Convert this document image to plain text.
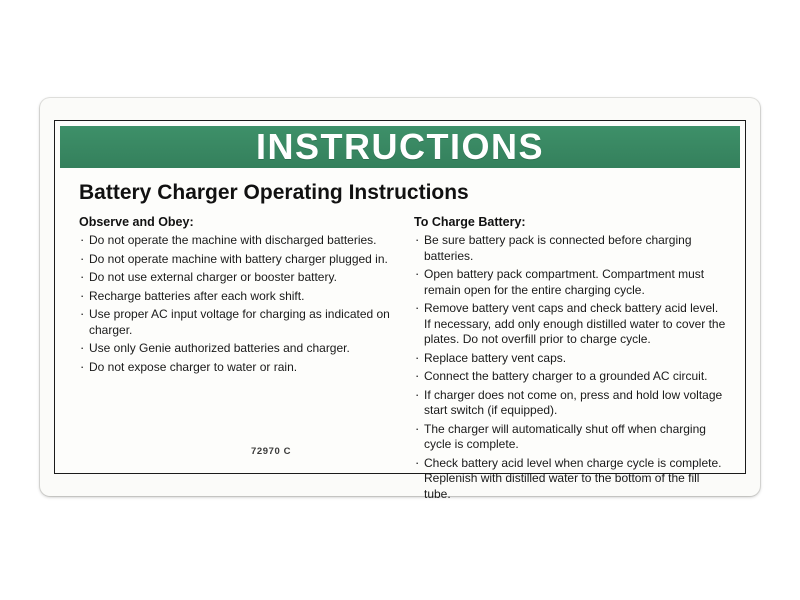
INSTRUCTIONS
Battery Charger Operating Instructions
Observe and Obey:
· Do not operate the machine with discharged batteries.
· Do not operate machine with battery charger plugged in.
· Do not use external charger or booster battery.
· Recharge batteries after each work shift.
· Use proper AC input voltage for charging as indicated on charger.
· Use only Genie authorized batteries and charger.
· Do not expose charger to water or rain.
To Charge Battery:
· Be sure battery pack is connected before charging batteries.
· Open battery pack compartment. Compartment must remain open for the entire charging cycle.
· Remove battery vent caps and check battery acid level. If necessary, add only enough distilled water to cover the plates. Do not overfill prior to charge cycle.
· Replace battery vent caps.
· Connect the battery charger to a grounded AC circuit.
· If charger does not come on, press and hold low voltage start switch (if equipped).
· The charger will automatically shut off when charging cycle is complete.
· Check battery acid level when charge cycle is complete. Replenish with distilled water to the bottom of the fill tube.
72970 C
